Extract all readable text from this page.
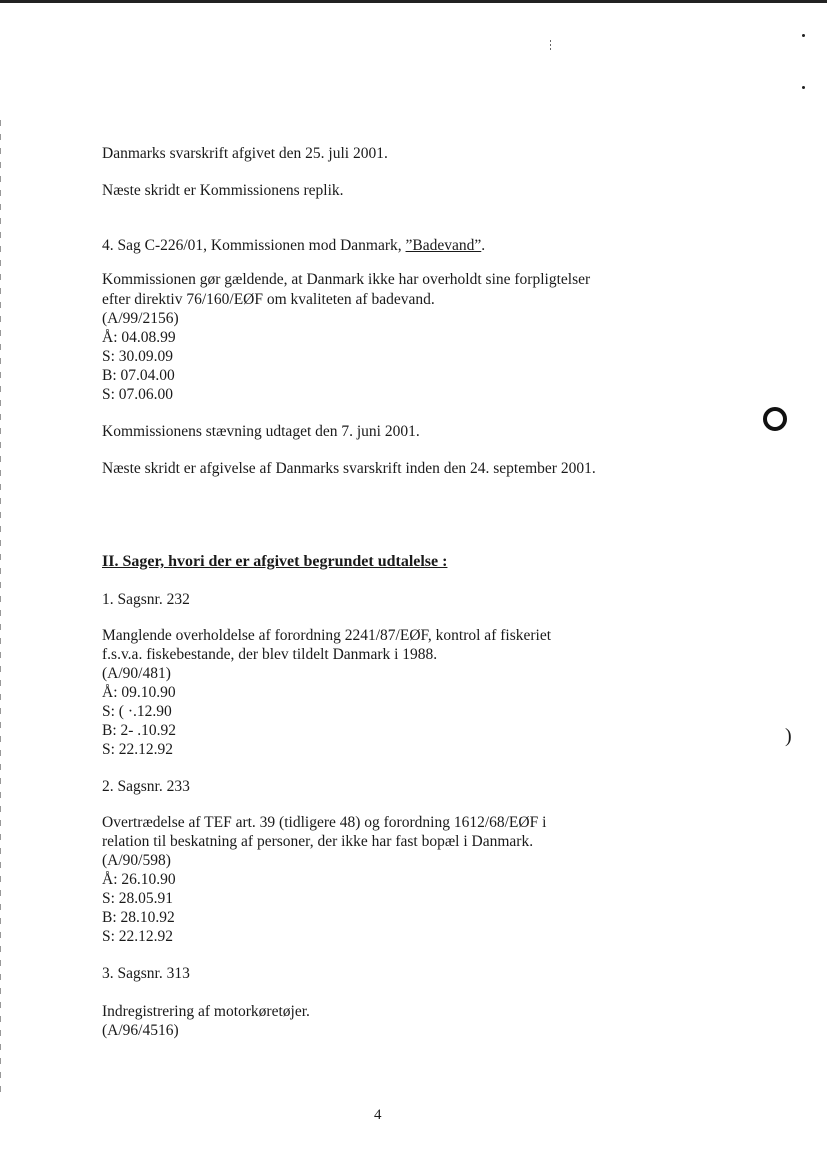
)
Danmarks svarskrift afgivet den 25. juli 2001.
Næste skridt er Kommissionens replik.
4. Sag C-226/01, Kommissionen mod Danmark, ”Badevand”.
Kommissionen gør gældende, at Danmark ikke har overholdt sine forpligtelser
efter direktiv 76/160/EØF om kvaliteten af badevand.
(A/99/2156)
Å: 04.08.99
S: 30.09.09
B: 07.04.00
S: 07.06.00
Kommissionens stævning udtaget den 7. juni 2001.
Næste skridt er afgivelse af Danmarks svarskrift inden den 24. september 2001.
II. Sager, hvori der er afgivet begrundet udtalelse :
1. Sagsnr. 232
Manglende overholdelse af forordning 2241/87/EØF, kontrol af fiskeriet
f.s.v.a. fiskebestande, der blev tildelt Danmark i 1988.
(A/90/481)
Å: 09.10.90
S: ( ·.12.90
B: 2- .10.92
S: 22.12.92
2. Sagsnr. 233
Overtrædelse af TEF art. 39 (tidligere 48) og forordning 1612/68/EØF i
relation til beskatning af personer, der ikke har fast bopæl i Danmark.
(A/90/598)
Å: 26.10.90
S: 28.05.91
B: 28.10.92
S: 22.12.92
3. Sagsnr. 313
Indregistrering af motorkøretøjer.
(A/96/4516)
4
